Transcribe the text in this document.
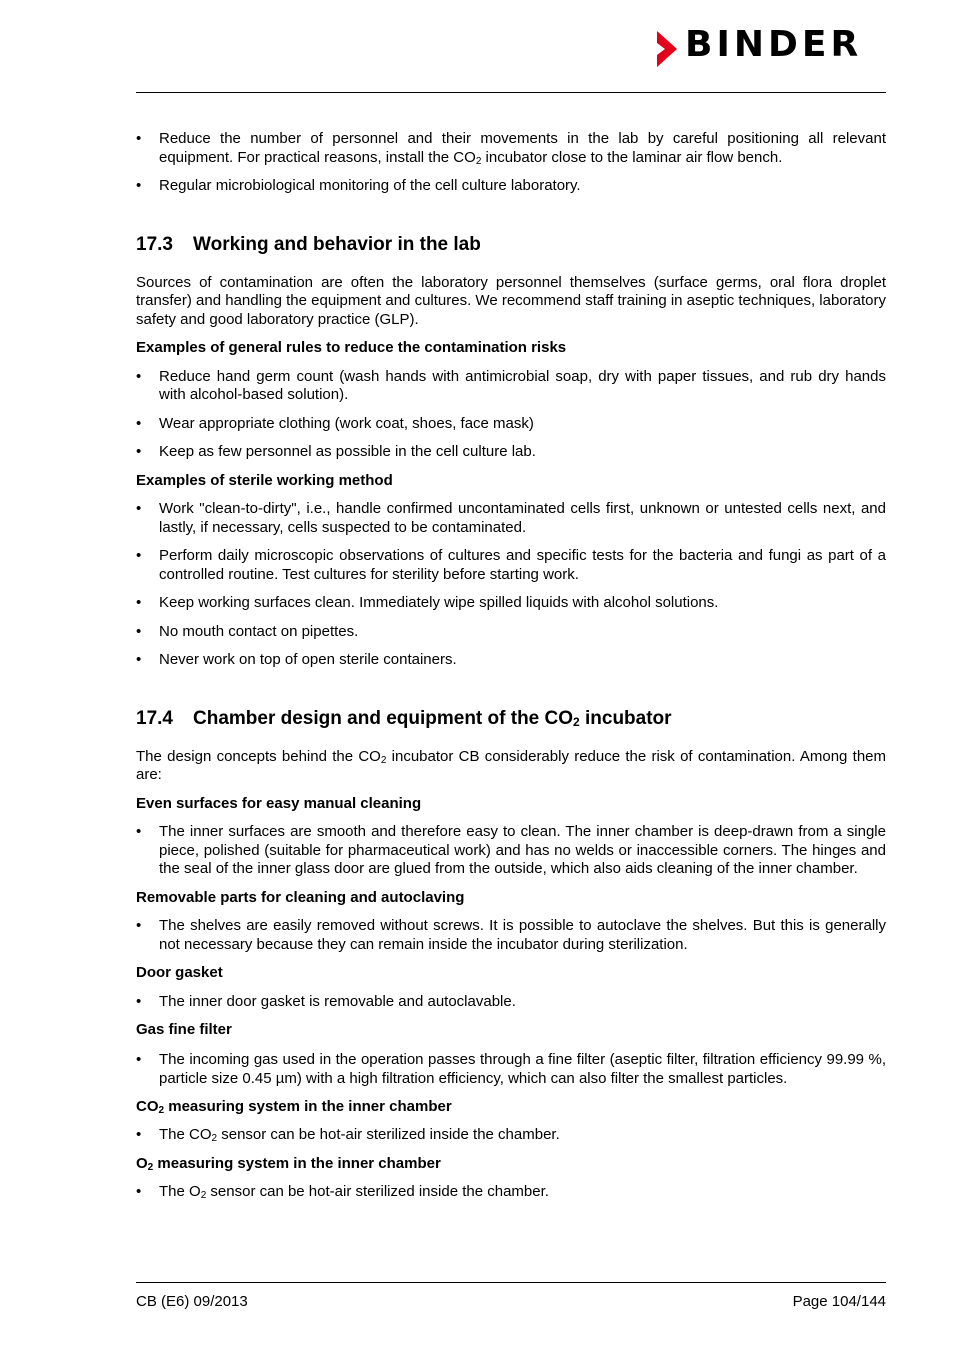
BINDER
• Reduce the number of personnel and their movements in the lab by careful positioning all relevant equipment. For practical reasons, install the $CO_2$ incubator close to the laminar air flow bench.
• Regular microbiological monitoring of the cell culture laboratory.
17.3 Working and behavior in the lab

Sources of contamination are often the laboratory personnel themselves (surface germs, oral flora droplet transfer) and handling the equipment and cultures. We recommend staff training in aseptic techniques, laboratory safety and good laboratory practice (GLP).

Examples of general rules to reduce the contamination risks
• Reduce hand germ count (wash hands with antimicrobial soap, dry with paper tissues, and rub dry hands with alcohol-based solution).
• Wear appropriate clothing (work coat, shoes, face mask)
• Keep as few personnel as possible in the cell culture lab.
Examples of sterile working method
• Work "clean-to-dirty", i.e., handle confirmed uncontaminated cells first, unknown or untested cells next, and lastly, if necessary, cells suspected to be contaminated.
• Perform daily microscopic observations of cultures and specific tests for the bacteria and fungi as part of a controlled routine. Test cultures for sterility before starting work.
• Keep working surfaces clean. Immediately wipe spilled liquids with alcohol solutions.
• No mouth contact on pipettes.
• Never work on top of open sterile containers.
17.4 Chamber design and equipment of the $CO_2$ incubator

The design concepts behind the $CO_2$ incubator CB considerably reduce the risk of contamination. Among them are:

Even surfaces for easy manual cleaning
• The inner surfaces are smooth and therefore easy to clean. The inner chamber is deep-drawn from a single piece, polished (suitable for pharmaceutical work) and has no welds or inaccessible corners. The hinges and the seal of the inner glass door are glued from the outside, which also aids cleaning of the inner chamber.
Removable parts for cleaning and autoclaving
• The shelves are easily removed without screws. It is possible to autoclave the shelves. But this is generally not necessary because they can remain inside the incubator during sterilization.
Door gasket
• The inner door gasket is removable and autoclavable.
Gas fine filter
• The incoming gas used in the operation passes through a fine filter (aseptic filter, filtration efficiency 99.99 %, particle size 0.45 µm) with a high filtration efficiency, which can also filter the smallest particles.
$CO_2$ measuring system in the inner chamber
• The $CO_2$ sensor can be hot-air sterilized inside the chamber.
$O_2$ measuring system in the inner chamber
• The $O_2$ sensor can be hot-air sterilized inside the chamber.
CB (E6) 09/2013	Page 104/144
